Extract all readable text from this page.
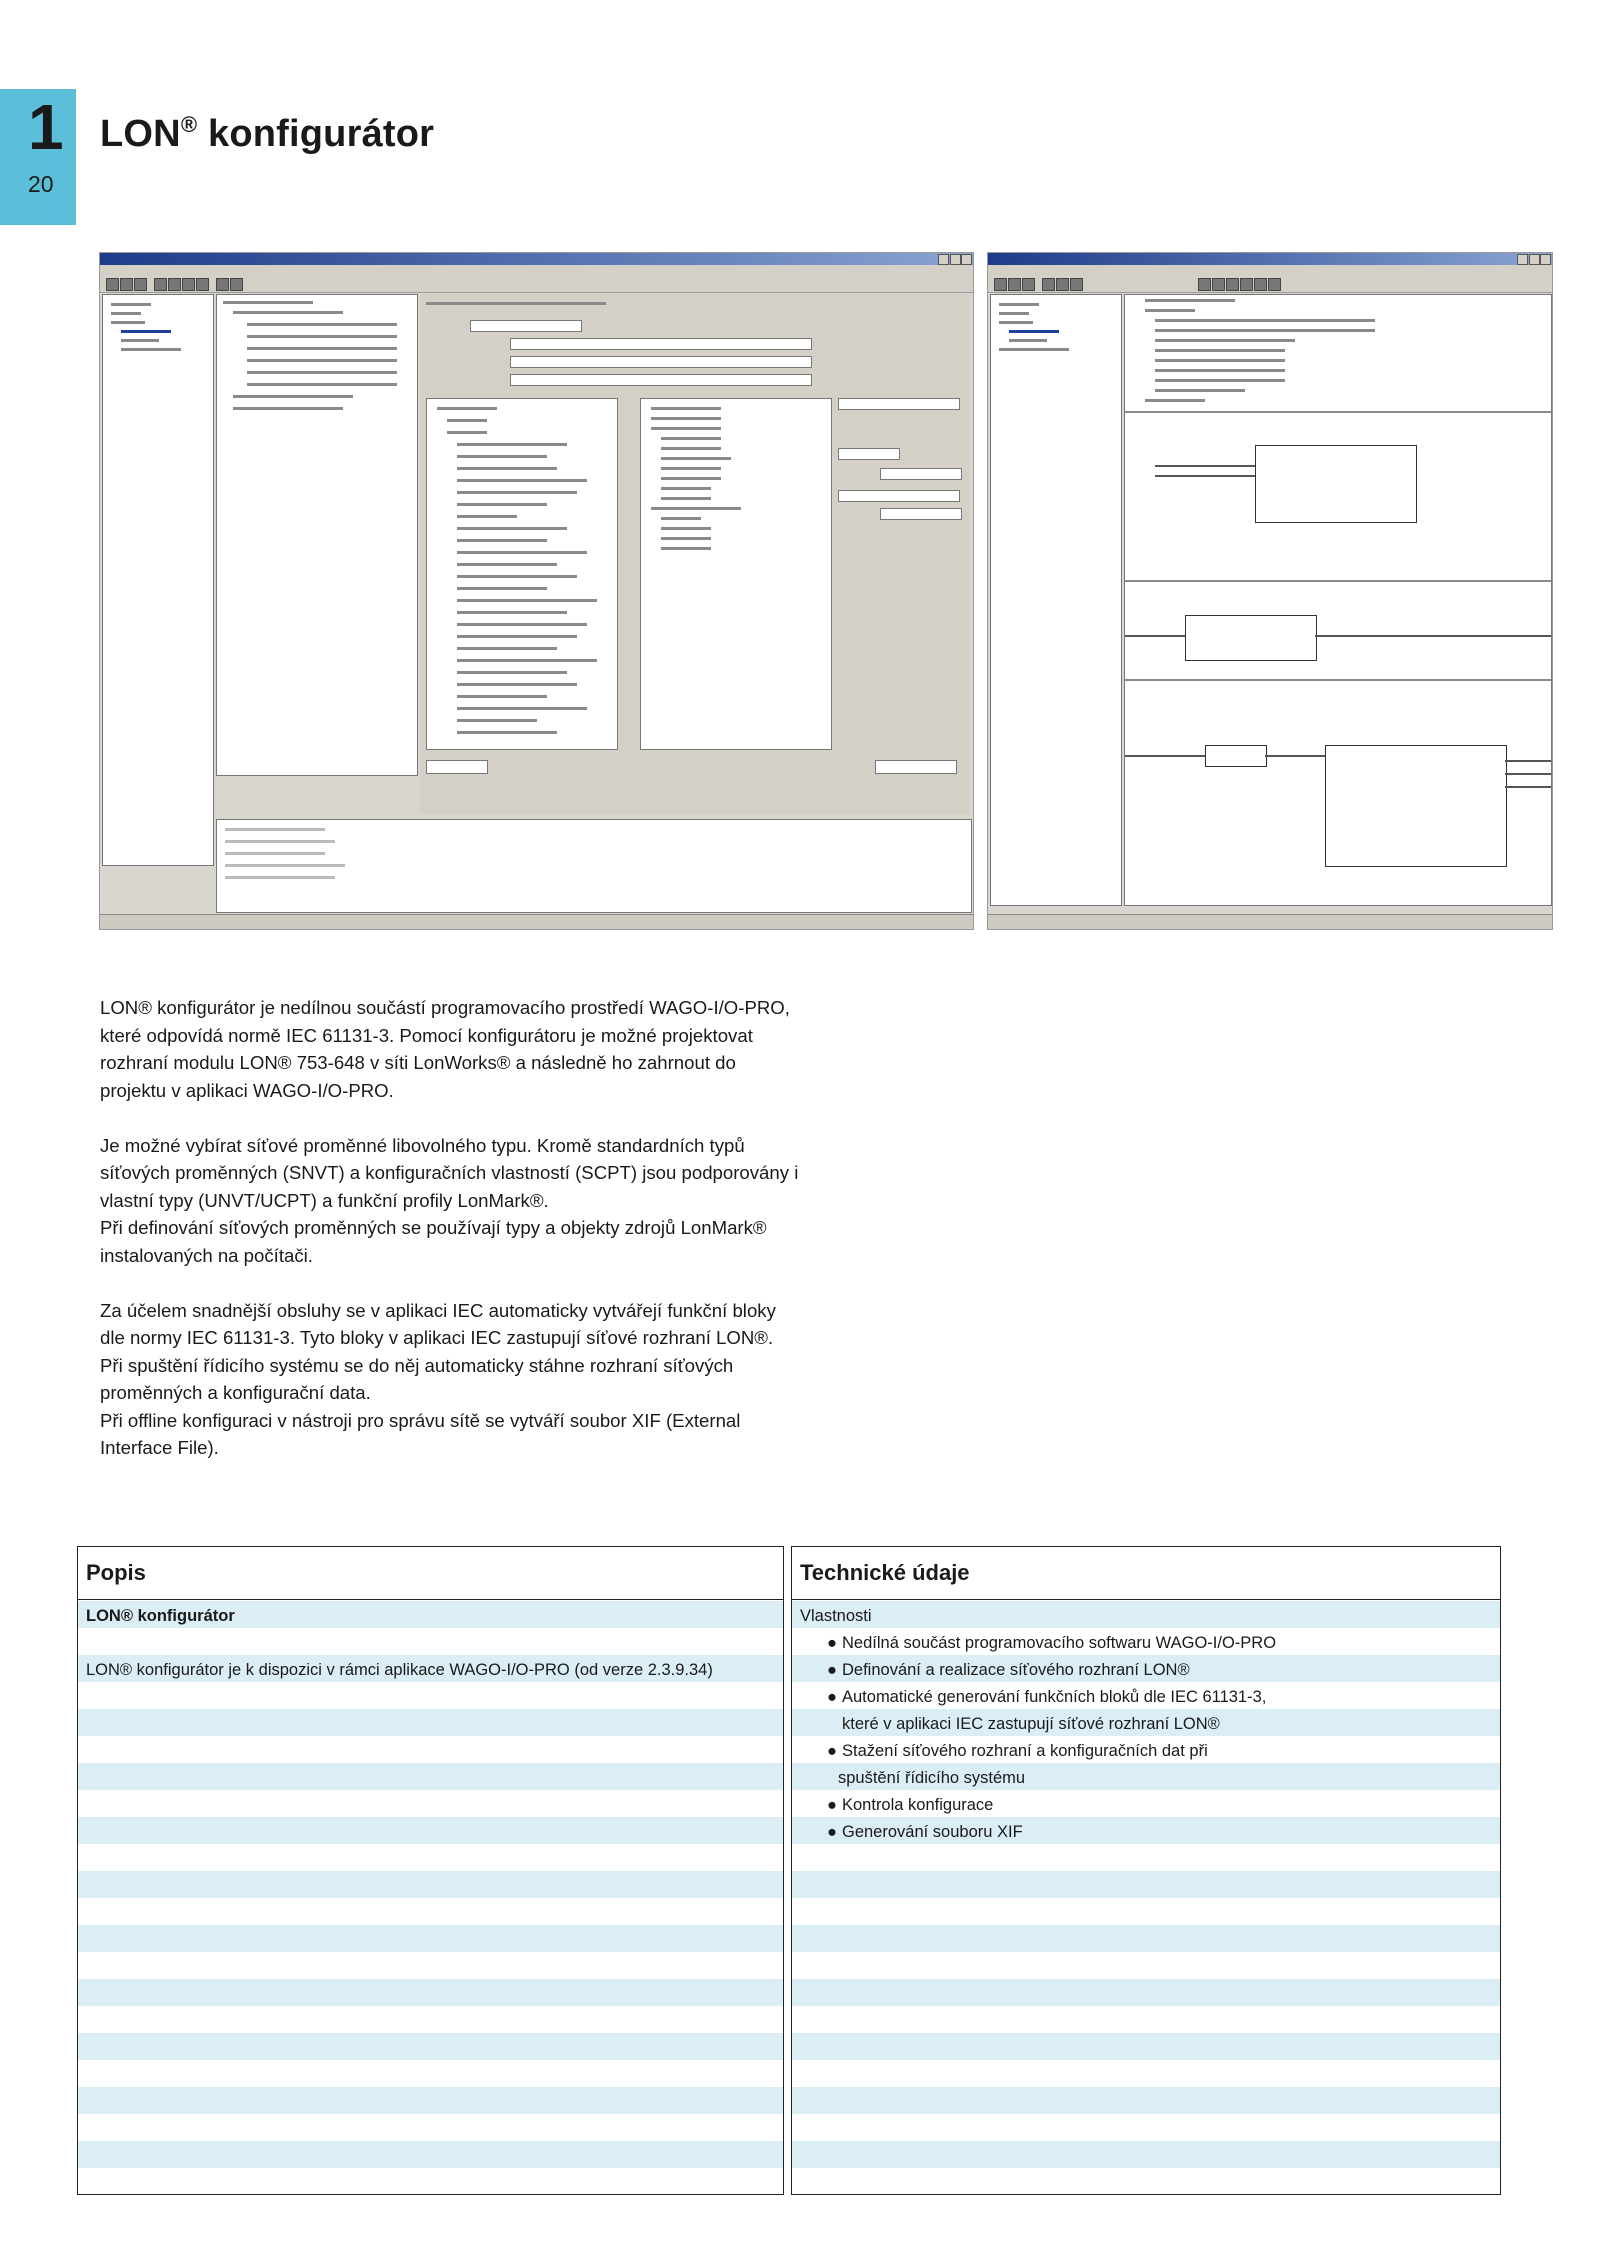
1
20
LON® konfigurátor

LON® konfigurátor je nedílnou součástí programovacího prostředí WAGO-I/O-PRO, které odpovídá normě IEC 61131-3. Pomocí konfigurátoru je možné projektovat rozhraní modulu LON® 753-648 v síti LonWorks® a následně ho zahrnout do projektu v aplikaci WAGO-I/O-PRO.

Je možné vybírat síťové proměnné libovolného typu. Kromě standardních typů síťových proměnných (SNVT) a konfiguračních vlastností (SCPT) jsou podporovány i vlastní typy (UNVT/UCPT) a funkční profily LonMark®.
Při definování síťových proměnných se používají typy a objekty zdrojů LonMark® instalovaných na počítači.

Za účelem snadnější obsluhy se v aplikaci IEC automaticky vytvářejí funkční bloky dle normy IEC 61131-3. Tyto bloky v aplikaci IEC zastupují síťové rozhraní LON®. Při spuštění řídicího systému se do něj automaticky stáhne rozhraní síťových proměnných a konfigurační data.
Při offline konfiguraci v nástroji pro správu sítě se vytváří soubor XIF (External Interface File).

Popis
LON® konfigurátor

LON® konfigurátor je k dispozici v rámci aplikace WAGO-I/O-PRO (od verze 2.3.9.34)
Technické údaje
Vlastnosti
● Nedílná součást programovacího softwaru WAGO-I/O-PRO
● Definování a realizace síťového rozhraní LON®
● Automatické generování funkčních bloků dle IEC 61131-3,
které v aplikaci IEC zastupují síťové rozhraní LON®
● Stažení síťového rozhraní a konfiguračních dat při
spuštění řídicího systému
● Kontrola konfigurace
● Generování souboru XIF
